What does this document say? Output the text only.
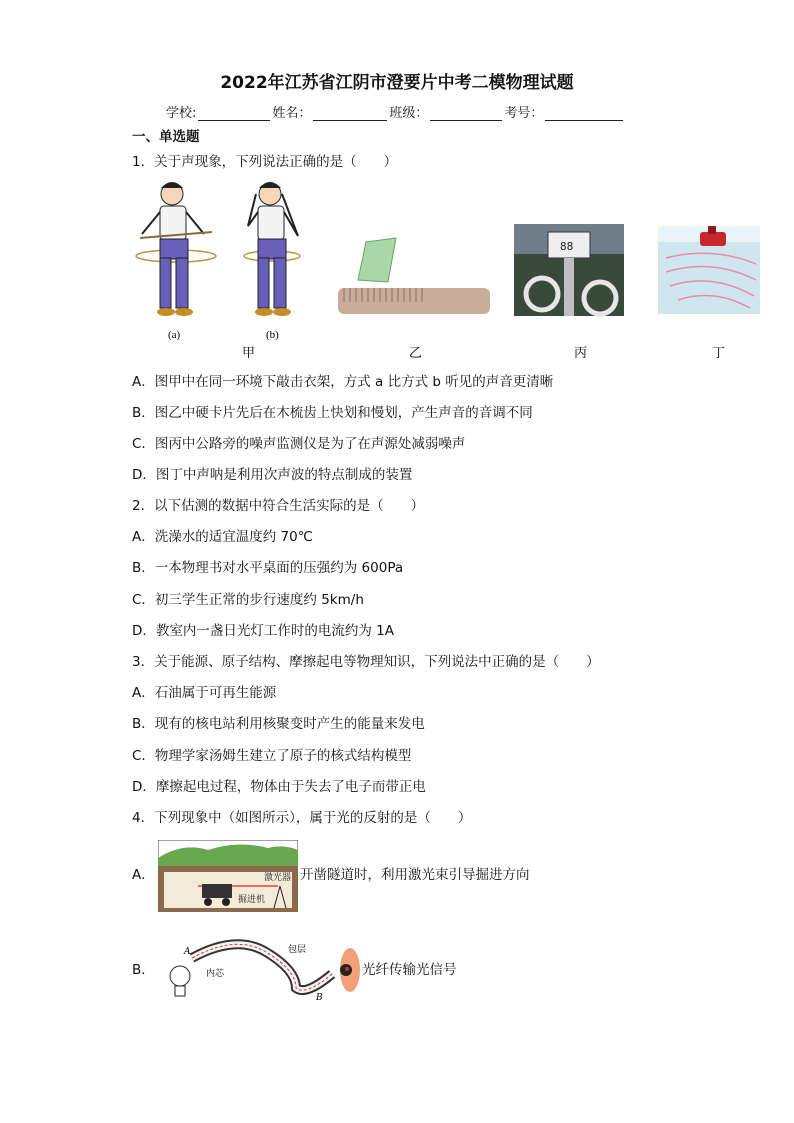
2022年江苏省江阴市澄要片中考二模物理试题
学校:	姓名：	班级：	考号：
一、单选题
1．关于声现象，下列说法正确的是（　　）
(a)	(b)
88
甲	乙	丙	丁
A．图甲中在同一环境下敲击衣架，方式 a 比方式 b 听见的声音更清晰
B．图乙中硬卡片先后在木梳齿上快划和慢划，产生声音的音调不同
C．图丙中公路旁的噪声监测仪是为了在声源处减弱噪声
D．图丁中声呐是利用次声波的特点制成的装置
2．以下估测的数据中符合生活实际的是（　　）
A．洗澡水的适宜温度约 70℃
B．一本物理书对水平桌面的压强约为 600Pa
C．初三学生正常的步行速度约 5km/h
D．教室内一盏日光灯工作时的电流约为 1A
3．关于能源、原子结构、摩擦起电等物理知识，下列说法中正确的是（　　）
A．石油属于可再生能源
B．现有的核电站利用核聚变时产生的能量来发电
C．物理学家汤姆生建立了原子的核式结构模型
D．摩擦起电过程，物体由于失去了电子而带正电
4．下列现象中（如图所示），属于光的反射的是（　　）
A．	激光器
掘进机
开凿隧道时，利用激光束引导掘进方向
B．
A
B
内芯
包层
光纤传输光信号
